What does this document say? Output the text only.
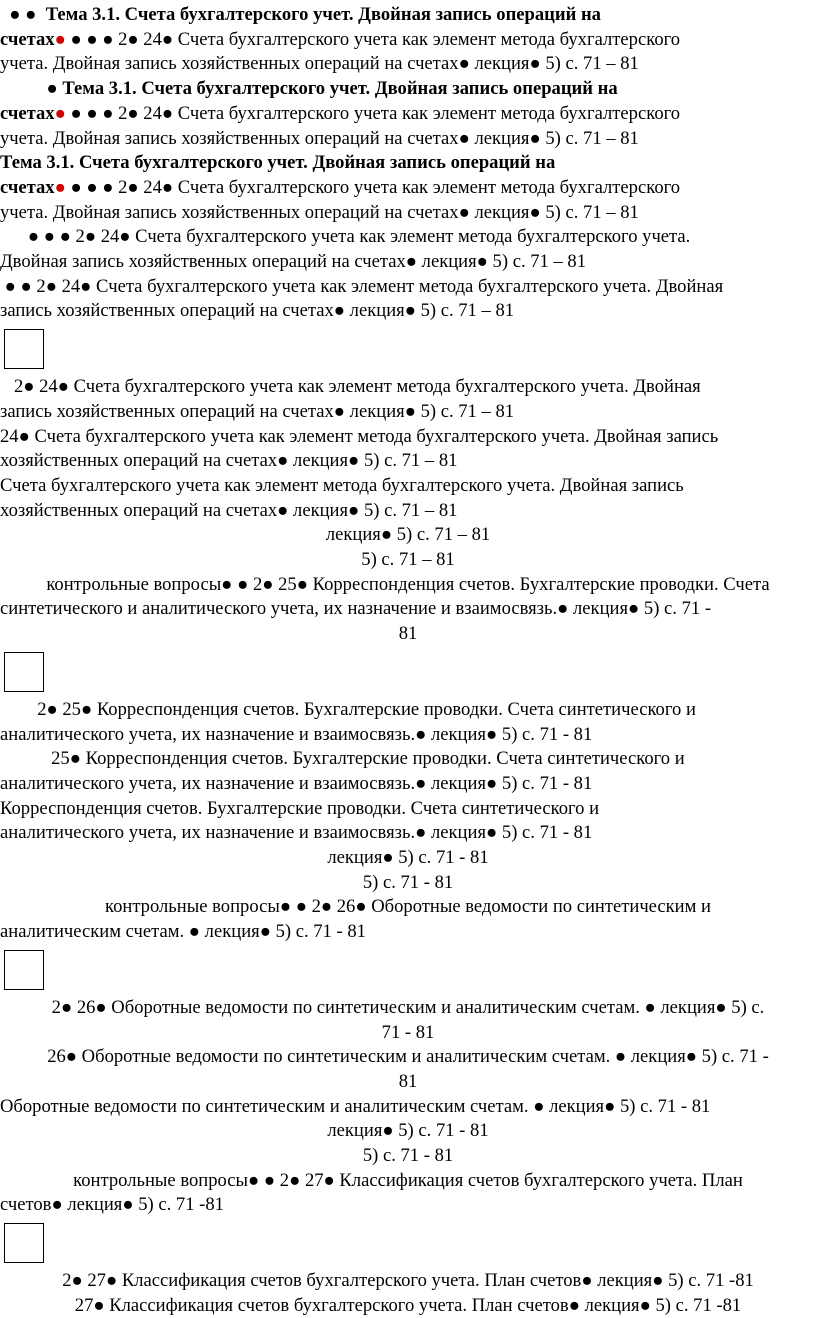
● ●  Тема 3.1. Счета бухгалтерского учет. Двойная запись операций на
счетах● ● ● ● 2● 24● Счета бухгалтерского учета как элемент метода бухгалтерского
учета. Двойная запись хозяйственных операций на счетах● лекция● 5) с. 71 – 81
● Тема 3.1. Счета бухгалтерского учет. Двойная запись операций на
счетах● ● ● ● 2● 24● Счета бухгалтерского учета как элемент метода бухгалтерского
учета. Двойная запись хозяйственных операций на счетах● лекция● 5) с. 71 – 81
Тема 3.1. Счета бухгалтерского учет. Двойная запись операций на
счетах● ● ● ● 2● 24● Счета бухгалтерского учета как элемент метода бухгалтерского
учета. Двойная запись хозяйственных операций на счетах● лекция● 5) с. 71 – 81
● ● ● 2● 24● Счета бухгалтерского учета как элемент метода бухгалтерского учета.
Двойная запись хозяйственных операций на счетах● лекция● 5) с. 71 – 81
● ● 2● 24● Счета бухгалтерского учета как элемент метода бухгалтерского учета. Двойная
запись хозяйственных операций на счетах● лекция● 5) с. 71 – 81
2● 24● Счета бухгалтерского учета как элемент метода бухгалтерского учета. Двойная
запись хозяйственных операций на счетах● лекция● 5) с. 71 – 81
24● Счета бухгалтерского учета как элемент метода бухгалтерского учета. Двойная запись
хозяйственных операций на счетах● лекция● 5) с. 71 – 81
Счета бухгалтерского учета как элемент метода бухгалтерского учета. Двойная запись
хозяйственных операций на счетах● лекция● 5) с. 71 – 81
лекция● 5) с. 71 – 81
5) с. 71 – 81
контрольные вопросы● ● 2● 25● Корреспонденция счетов. Бухгалтерские проводки. Счета
синтетического и аналитического учета, их назначение и взаимосвязь.● лекция● 5) с. 71 -
81
2● 25● Корреспонденция счетов. Бухгалтерские проводки. Счета синтетического и
аналитического учета, их назначение и взаимосвязь.● лекция● 5) с. 71 - 81
25● Корреспонденция счетов. Бухгалтерские проводки. Счета синтетического и
аналитического учета, их назначение и взаимосвязь.● лекция● 5) с. 71 - 81
Корреспонденция счетов. Бухгалтерские проводки. Счета синтетического и
аналитического учета, их назначение и взаимосвязь.● лекция● 5) с. 71 - 81
лекция● 5) с. 71 - 81
5) с. 71 - 81
контрольные вопросы● ● 2● 26● Оборотные ведомости по синтетическим и
аналитическим счетам. ● лекция● 5) с. 71 - 81
2● 26● Оборотные ведомости по синтетическим и аналитическим счетам. ● лекция● 5) с.
71 - 81
26● Оборотные ведомости по синтетическим и аналитическим счетам. ● лекция● 5) с. 71 -
81
Оборотные ведомости по синтетическим и аналитическим счетам. ● лекция● 5) с. 71 - 81
лекция● 5) с. 71 - 81
5) с. 71 - 81
контрольные вопросы● ● 2● 27● Классификация счетов бухгалтерского учета. План
счетов● лекция● 5) с. 71 -81
2● 27● Классификация счетов бухгалтерского учета. План счетов● лекция● 5) с. 71 -81
27● Классификация счетов бухгалтерского учета. План счетов● лекция● 5) с. 71 -81
